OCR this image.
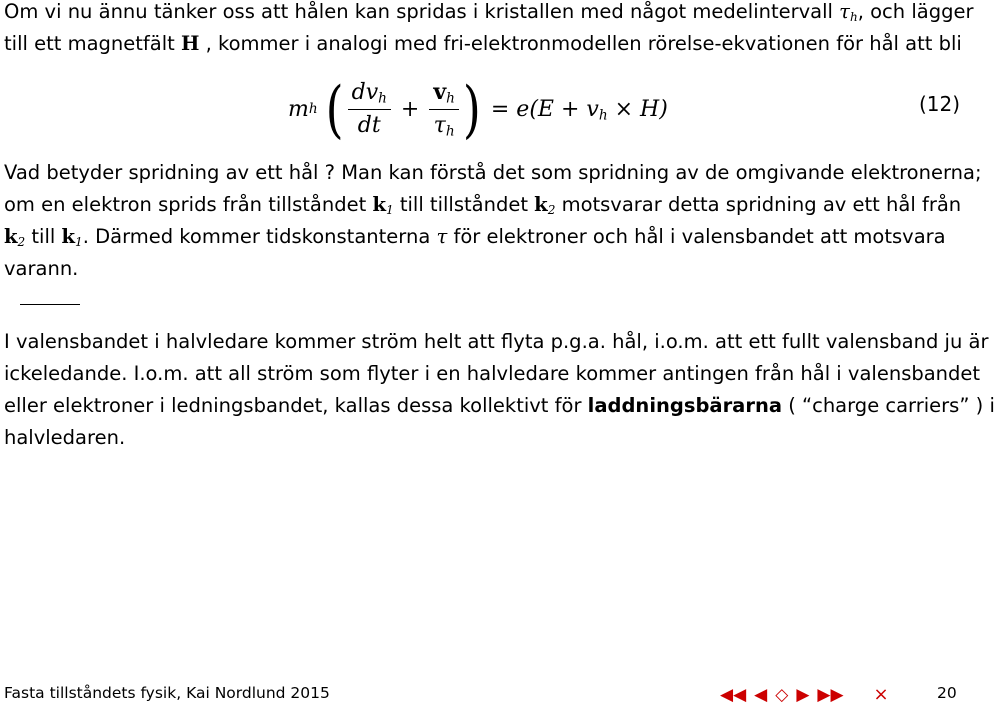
Om vi nu ännu tänker oss att hålen kan spridas i kristallen med något medelintervall $\tau_h$, och lägger
till ett magnetfält H , kommer i analogi med fri-elektronmodellen rörelse-ekvationen för hål att bli
m h ( $\frac{dv_h}{dt} + \frac{v_h}{\tau_h}$ ) = $e(E + v_h \times H)$	(12)
Vad betyder spridning av ett hål ? Man kan förstå det som spridning av de omgivande elektronerna;
om en elektron sprids från tillståndet $k_1$ till tillståndet $k_2$ motsvarar detta spridning av ett hål från
$k_2$ till $k_1$. Därmed kommer tidskonstanterna τ för elektroner och hål i valensbandet att motsvara
varann.
I valensbandet i halvledare kommer ström helt att flyta p.g.a. hål, i.o.m. att ett fullt valensband ju är
ickeledande. I.o.m. att all ström som flyter i en halvledare kommer antingen från hål i valensbandet
eller elektroner i ledningsbandet, kallas dessa kollektivt för laddningsbärarna ( “charge carriers” ) i
halvledaren.
Fasta tillståndets fysik, Kai Nordlund 2015	◀◀ ◀ ◇ ▶ ▶▶ ×	20
